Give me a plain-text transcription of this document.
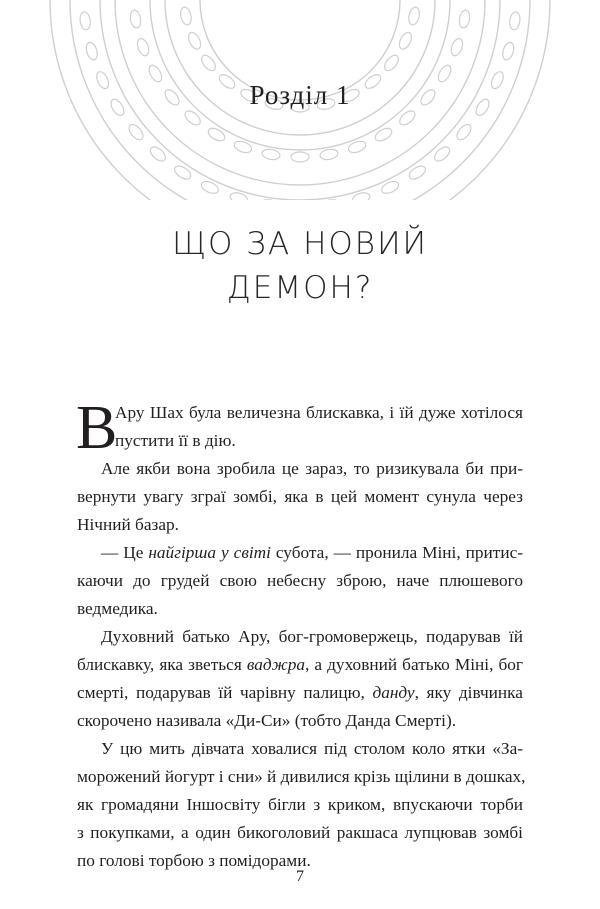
Розділ 1
ЩО ЗА НОВИЙ
ДЕМОН?
В
Ару Шах була величезна блискавка, і їй дуже хотілося
пустити її в дію.
Але якби вона зробила це зараз, то ризикувала би при-
вернути увагу зграї зомбі, яка в цей момент сунула через
Нічний базар.
— Це найгірша у світі субота, — пронила Міні, притис-
каючи до грудей свою небесну зброю, наче плюшевого
ведмедика.
Духовний батько Ару, бог-громовержець, подарував їй
блискавку, яка зветься ваджра, а духовний батько Міні, бог
смерті, подарував їй чарівну палицю, данду, яку дівчинка
скорочено називала «Ди-Си» (тобто Данда Смерті).
У цю мить дівчата ховалися під столом коло ятки «За-
морожений йогурт і сни» й дивилися крізь щілини в дошках,
як громадяни Іншосвіту бігли з криком, впускаючи торби
з покупками, а один бикоголовий ракшаса лупцював зомбі
по голові торбою з помідорами.
7
